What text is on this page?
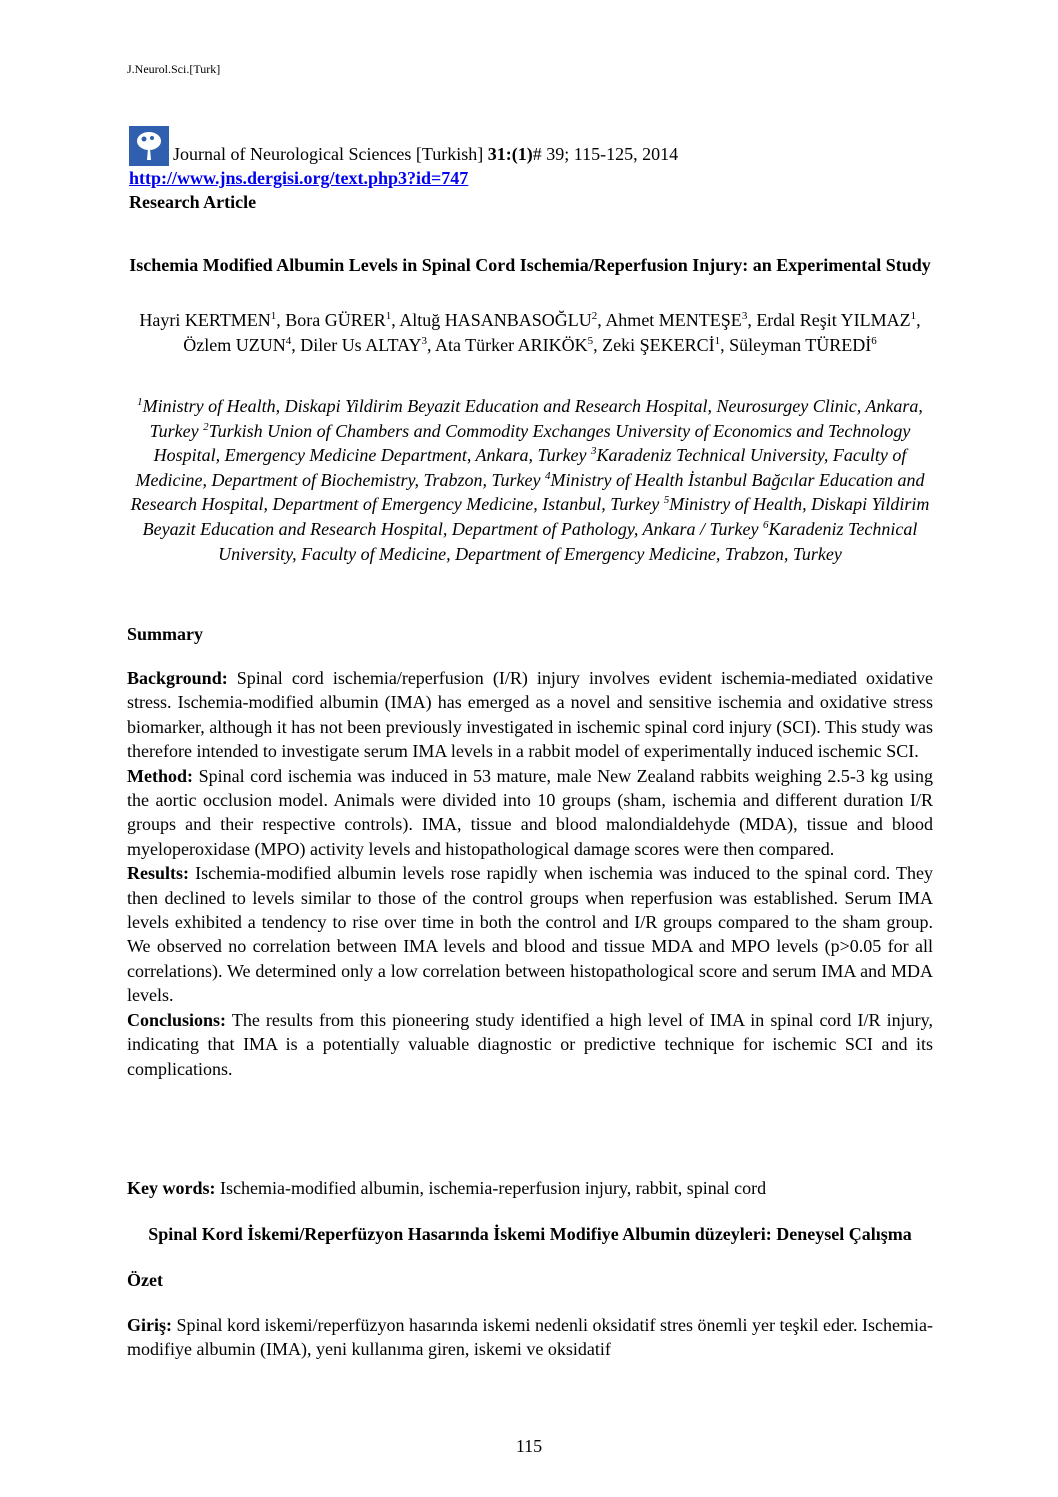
J.Neurol.Sci.[Turk]
Journal of Neurological Sciences [Turkish] 31:(1)# 39; 115-125, 2014
http://www.jns.dergisi.org/text.php3?id=747
Research Article
Ischemia Modified Albumin Levels in Spinal Cord Ischemia/Reperfusion Injury: an Experimental Study
Hayri KERTMEN$^1$, Bora GÜRER$^1$, Altuğ HASANBASOĞLU$^2$, Ahmet MENTEŞE$^3$, Erdal Reşit YILMAZ$^1$, Özlem UZUN$^4$, Diler Us ALTAY$^3$, Ata Türker ARIKÖK$^5$, Zeki ŞEKERCİ$^1$, Süleyman TÜREDİ$^6$
$^1$Ministry of Health, Diskapi Yildirim Beyazit Education and Research Hospital, Neurosurgey Clinic, Ankara, Turkey $^2$Turkish Union of Chambers and Commodity Exchanges University of Economics and Technology Hospital, Emergency Medicine Department, Ankara, Turkey $^3$Karadeniz Technical University, Faculty of Medicine, Department of Biochemistry, Trabzon, Turkey $^4$Ministry of Health İstanbul Bağcılar Education and Research Hospital, Department of Emergency Medicine, Istanbul, Turkey $^5$Ministry of Health, Diskapi Yildirim Beyazit Education and Research Hospital, Department of Pathology, Ankara / Turkey $^6$Karadeniz Technical University, Faculty of Medicine, Department of Emergency Medicine, Trabzon, Turkey
Summary

Background: Spinal cord ischemia/reperfusion (I/R) injury involves evident ischemia-mediated oxidative stress. Ischemia-modified albumin (IMA) has emerged as a novel and sensitive ischemia and oxidative stress biomarker, although it has not been previously investigated in ischemic spinal cord injury (SCI). This study was therefore intended to investigate serum IMA levels in a rabbit model of experimentally induced ischemic SCI.

Method: Spinal cord ischemia was induced in 53 mature, male New Zealand rabbits weighing 2.5-3 kg using the aortic occlusion model. Animals were divided into 10 groups (sham, ischemia and different duration I/R groups and their respective controls). IMA, tissue and blood malondialdehyde (MDA), tissue and blood myeloperoxidase (MPO) activity levels and histopathological damage scores were then compared.

Results: Ischemia-modified albumin levels rose rapidly when ischemia was induced to the spinal cord. They then declined to levels similar to those of the control groups when reperfusion was established. Serum IMA levels exhibited a tendency to rise over time in both the control and I/R groups compared to the sham group. We observed no correlation between IMA levels and blood and tissue MDA and MPO levels (p>0.05 for all correlations). We determined only a low correlation between histopathological score and serum IMA and MDA levels.

Conclusions: The results from this pioneering study identified a high level of IMA in spinal cord I/R injury, indicating that IMA is a potentially valuable diagnostic or predictive technique for ischemic SCI and its complications.

Key words: Ischemia-modified albumin, ischemia-reperfusion injury, rabbit, spinal cord
Spinal Kord İskemi/Reperfüzyon Hasarında İskemi Modifiye Albumin düzeyleri: Deneysel Çalışma
Özet

Giriş: Spinal kord iskemi/reperfüzyon hasarında iskemi nedenli oksidatif stres önemli yer teşkil eder. Ischemia-modifiye albumin (IMA), yeni kullanıma giren, iskemi ve oksidatif

115
